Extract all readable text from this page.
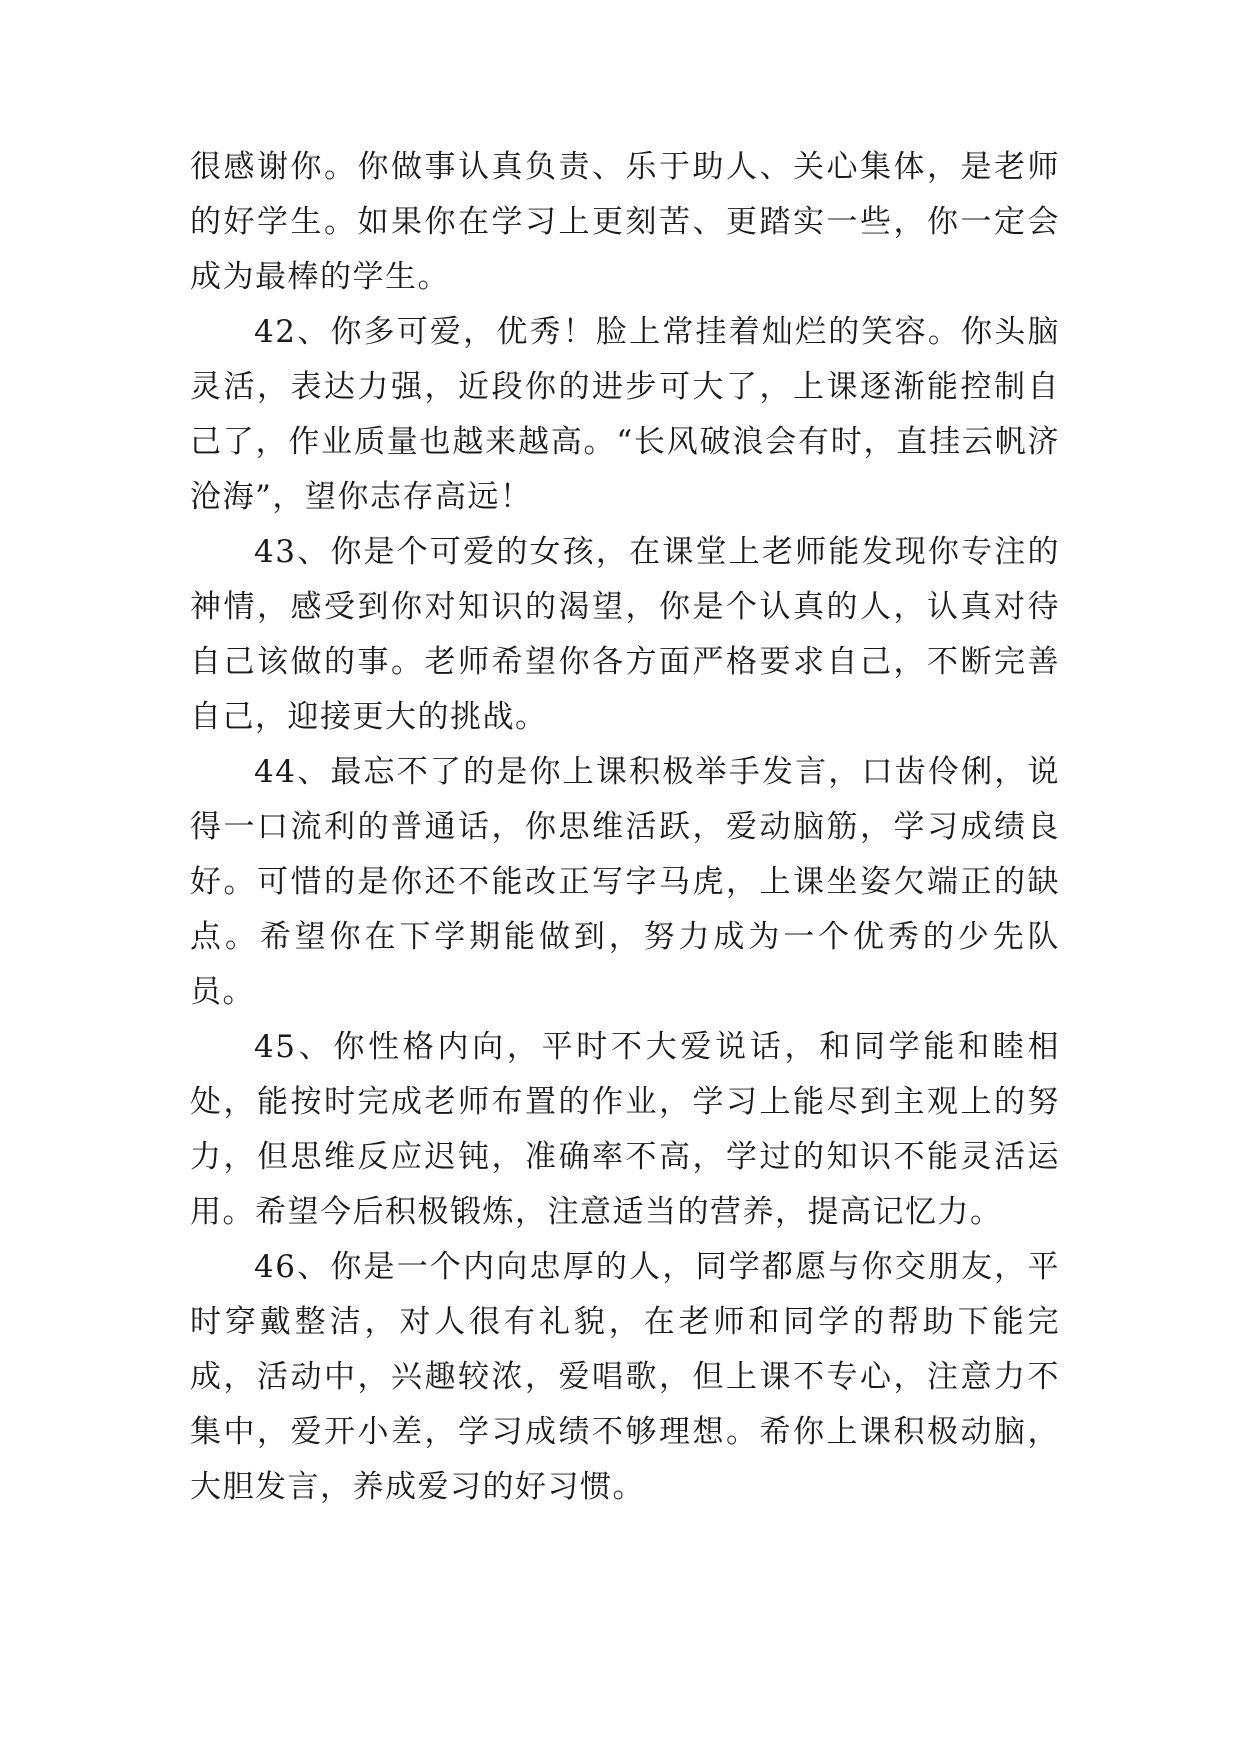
很感谢你。你做事认真负责、乐于助人、关心集体，是老师的好学生。如果你在学习上更刻苦、更踏实一些，你一定会成为最棒的学生。

42、你多可爱，优秀！脸上常挂着灿烂的笑容。你头脑灵活，表达力强，近段你的进步可大了，上课逐渐能控制自己了，作业质量也越来越高。“长风破浪会有时，直挂云帆济沧海”，望你志存高远！

43、你是个可爱的女孩，在课堂上老师能发现你专注的神情，感受到你对知识的渴望，你是个认真的人，认真对待自己该做的事。老师希望你各方面严格要求自己，不断完善自己，迎接更大的挑战。

44、最忘不了的是你上课积极举手发言，口齿伶俐，说得一口流利的普通话，你思维活跃，爱动脑筋，学习成绩良好。可惜的是你还不能改正写字马虎，上课坐姿欠端正的缺点。希望你在下学期能做到，努力成为一个优秀的少先队员。

45、你性格内向，平时不大爱说话，和同学能和睦相处，能按时完成老师布置的作业，学习上能尽到主观上的努力，但思维反应迟钝，准确率不高，学过的知识不能灵活运用。希望今后积极锻炼，注意适当的营养，提高记忆力。

46、你是一个内向忠厚的人，同学都愿与你交朋友，平时穿戴整洁，对人很有礼貌，在老师和同学的帮助下能完成，活动中，兴趣较浓，爱唱歌，但上课不专心，注意力不集中，爱开小差，学习成绩不够理想。希你上课积极动脑，大胆发言，养成爱习的好习惯。
